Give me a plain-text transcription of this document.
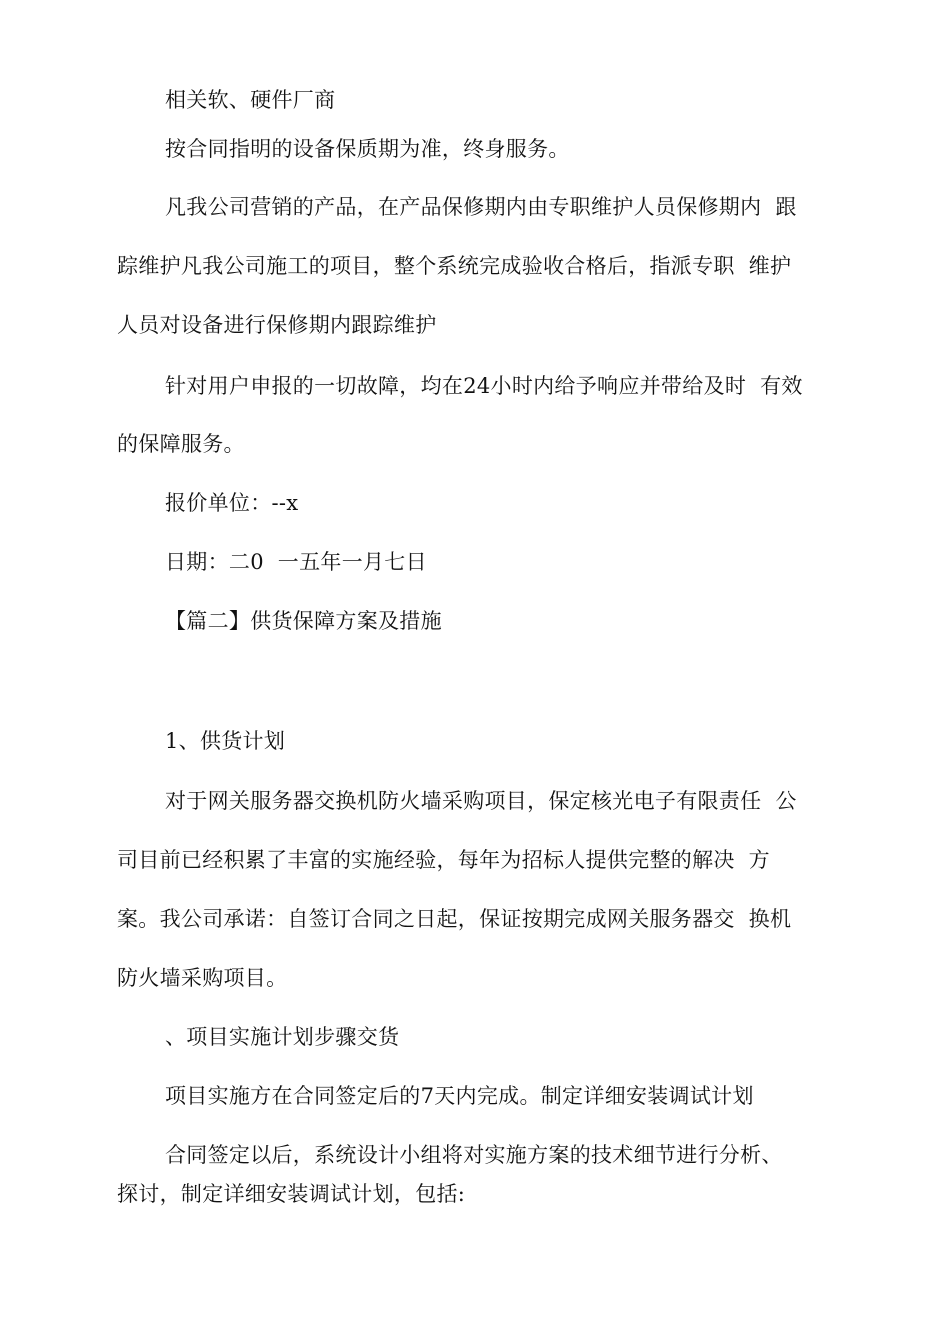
相关软、硬件厂商
按合同指明的设备保质期为准，终身服务。
凡我公司营销的产品，在产品保修期内由专职维护人员保修期内  跟
踪维护凡我公司施工的项目，整个系统完成验收合格后，指派专职  维护
人员对设备进行保修期内跟踪维护
针对用户申报的一切故障，均在24小时内给予响应并带给及时  有效
的保障服务。
报价单位：--x
日期：二0  一五年一月七日
【篇二】供货保障方案及措施
1、供货计划
对于网关服务器交换机防火墙采购项目，保定核光电子有限责任  公
司目前已经积累了丰富的实施经验，每年为招标人提供完整的解决  方
案。我公司承诺：自签订合同之日起，保证按期完成网关服务器交  换机
防火墙采购项目。
、项目实施计划步骤交货
项目实施方在合同签定后的7天内完成。制定详细安装调试计划
合同签定以后，系统设计小组将对实施方案的技术细节进行分析、
探讨，制定详细安装调试计划，包括:
